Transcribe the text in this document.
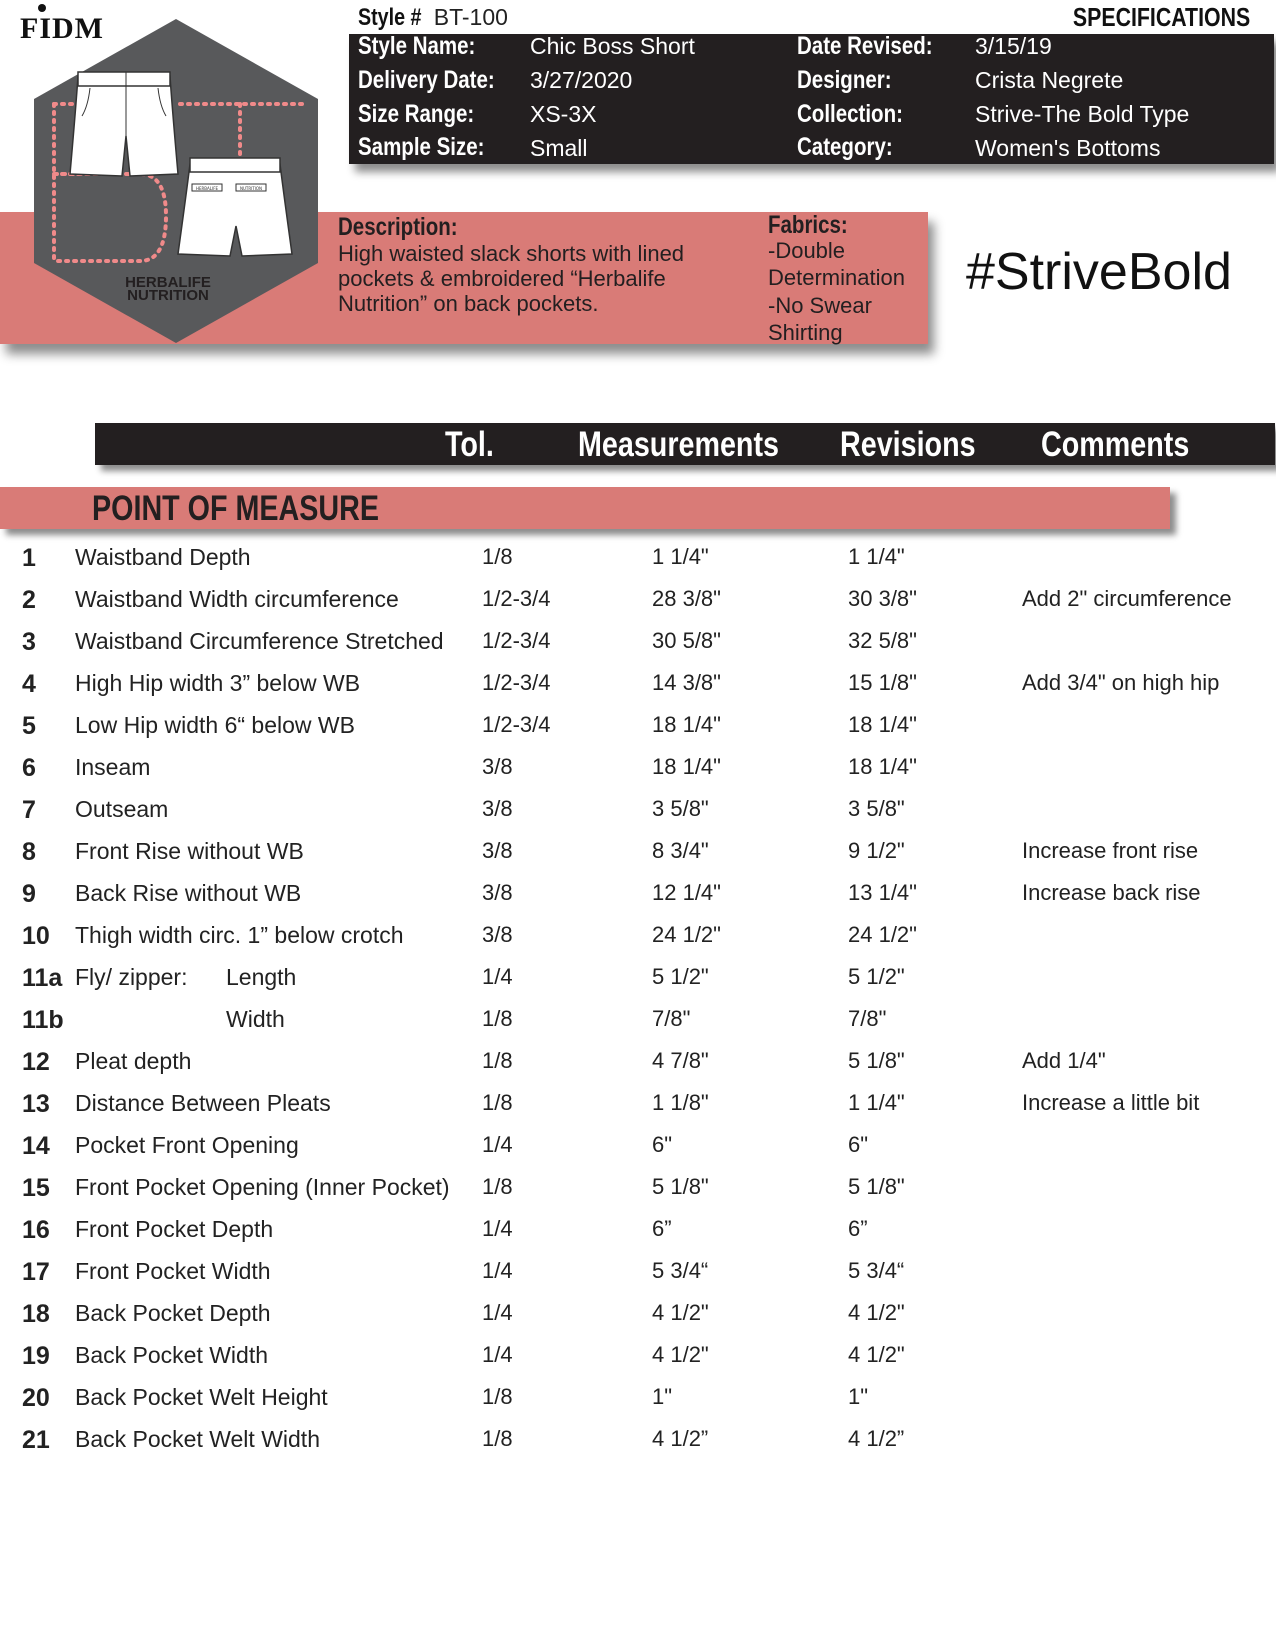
FIDM
HERBALIFE	NUTRITION
HERBALIFE
NUTRITION
Style # BT-100	SPECIFICATIONS
Style Name: Chic Boss Short
Delivery Date: 3/27/2020
Size Range: XS-3X
Sample Size: Small
Date Revised: 3/15/19
Designer:	Crista Negrete
Collection:	Strive-The Bold Type
Category:	Women's Bottoms
Description:
High waisted slack shorts with lined pockets & embroidered “Herbalife Nutrition” on back pockets.
Fabrics:
-Double
Determination
-No Swear
Shirting
#StriveBold
Tol. Measurements Revisions Comments
POINT OF MEASURE
1 Waistband Depth	1/8	1 1/4"	1 1/4"
2 Waistband Width circumference	1/2-3/4	28 3/8"	30 3/8"	Add 2" circumference
3 Waistband Circumference Stretched 1/2-3/4	30 5/8"	32 5/8"
4 High Hip width 3” below WB	1/2-3/4	14 3/8"	15 1/8"	Add 3/4" on high hip
5 Low Hip width 6“ below WB	1/2-3/4	18 1/4"	18 1/4"
6 Inseam	3/8	18 1/4"	18 1/4"
7 Outseam	3/8	3 5/8"	3 5/8"
8 Front Rise without WB	3/8	8 3/4"	9 1/2"	Increase front rise
9 Back Rise without WB	3/8	12 1/4"	13 1/4"	Increase back rise
10 Thigh width circ. 1” below crotch	3/8	24 1/2"	24 1/2"
11a Fly/ zipper: Length	1/4	5 1/2"	5 1/2"
11b	Width	1/8	7/8"	7/8"
12 Pleat depth	1/8	4 7/8"	5 1/8"	Add 1/4"
13 Distance Between Pleats	1/8	1 1/8"	1 1/4"	Increase a little bit
14 Pocket Front Opening	1/4	6"	6"
15 Front Pocket Opening (Inner Pocket) 1/8	5 1/8"	5 1/8"
16 Front Pocket Depth	1/4	6”	6”
17 Front Pocket Width	1/4	5 3/4“	5 3/4“
18 Back Pocket Depth	1/4	4 1/2"	4 1/2"
19 Back Pocket Width	1/4	4 1/2"	4 1/2"
20 Back Pocket Welt Height	1/8	1"	1"
21 Back Pocket Welt Width	1/8	4 1/2”	4 1/2”
